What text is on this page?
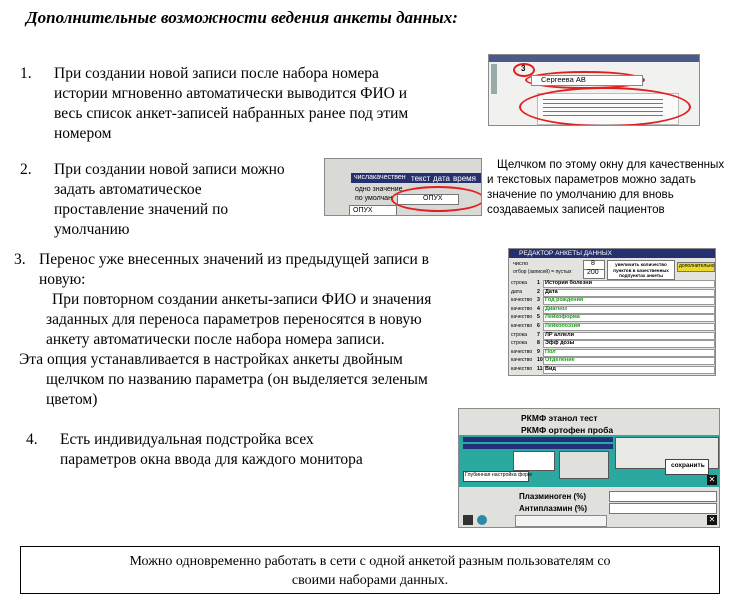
Дополнительные возможности ведения анкеты данных:
1. При создании новой записи после набора номера
истории мгновенно автоматически выводится ФИО и
весь список анкет-записей набранных ранее под этим
номером
2. При создании новой записи можно
задать автоматическое
проставление значений по
умолчанию
3. Перенос уже внесенных значений из предыдущей записи в
новую:
При повторном создании анкеты-записи ФИО и значения
заданных для переноса параметров переносятся в новую
анкету автоматически после набора номера записи.
Эта опция устанавливается в настройках анкеты двойным
щелчком по названию параметра (он выделяется зеленым
цветом)
4. Есть индивидуальная подстройка всех
параметров окна ввода для каждого монитора
Щелчком по этому окну для качественных
и текстовых параметров можно задать
значение по умолчанию для вновь
создаваемых записей пациентов
Можно одновременно работать в сети с одной анкетой разным пользователям со
своими наборами данных.
3
Сергеева АВ
числа качествен текст дата время
одно значение
по умолчан	ОПУХ
ОПУХ
РЕДАКТОР АНКЕТЫ ДАННЫХ
число
отбор (записей) = пустых
8
200
увеличить количество пунктов в качественных подпунктах анкеты
дополнительно
строка 1 История болезни
дата	2 Дата
качество 3 Год рождения
качество 4 Диагноз
качество 5 Лейкоформа
качество 6 Лейкопоэзия
строка 7 ЛР аллели
строка 8 Эфф дозы
качество 9 Пол
качество 10 Отделение
качество 11 Вид
РКМФ этанол тест
РКМФ ортофен проба
сохранить
Глубинная настройка форм	✕
Плазминоген (%)
Антиплазмин (%)
✕
